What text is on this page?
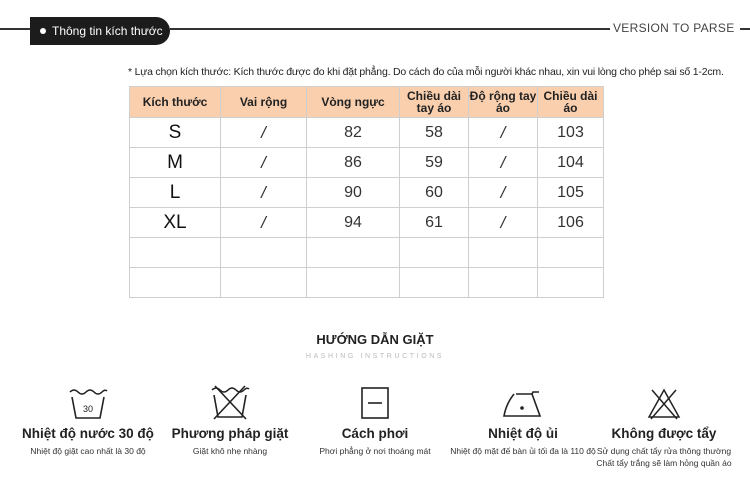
Thông tin kích thước	VERSION TO PARSE
* Lựa chọn kích thước: Kích thước được đo khi đặt phẳng. Do cách đo của mỗi người khác nhau, xin vui lòng cho phép sai số 1-2cm.
Kích thước	Vai rộng	Vòng ngực	Chiều dài tay áo	Độ rộng tay áo	Chiều dài áo
S	/	82	58	/	103
M	/	86	59	/	104
L	/	90	60	/	105
XL	/	94	61	/	106

HƯỚNG DẪN GIẶT
HASHING INSTRUCTIONS
30
Nhiệt độ nước 30 độ
Nhiệt độ giặt cao nhất là 30 độ
Phương pháp giặt
Giặt khô nhẹ nhàng
Cách phơi
Phơi phẳng ở nơi thoáng mát
Nhiệt độ ủi
Nhiệt độ mặt đế bàn ủi tối đa là 110 độ
Không được tẩy
Sử dụng chất tẩy rửa thông thường
Chất tẩy trắng sẽ làm hỏng quần áo
